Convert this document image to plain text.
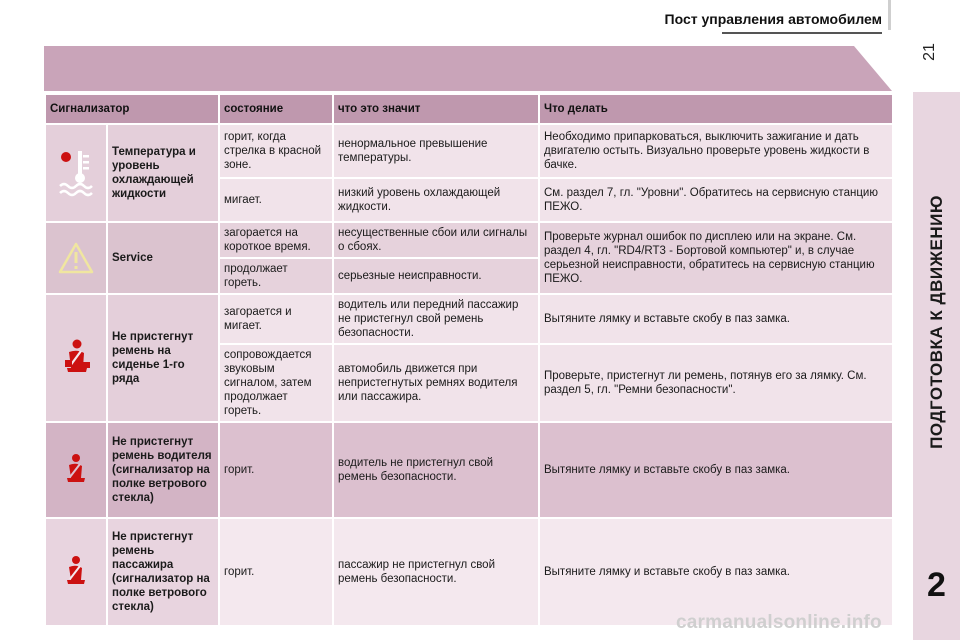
Пост управления автомобилем
21
ПОДГОТОВКА К ДВИЖЕНИЮ
2
Сигнализатор		состояние	что это значит	Что делать

	Температура и уровень охлаждающей жидкости	горит, когда стрелка в красной зоне.	ненормальное превышение температуры.	Необходимо припарковаться, выключить зажигание и дать двигателю остыть. Визуально проверьте уровень жидкости в бачке.
		мигает.	низкий уровень охлаждающей жидкости.	См. раздел 7, гл. "Уровни". Обратитесь на сервисную станцию ПЕЖО.

	Service	загорается на короткое время.	несущественные сбои или сигналы о сбоях.	Проверьте журнал ошибок по дисплею или на экране. См. раздел 4, гл. "RD4/RT3 - Бортовой компьютер" и, в случае серьезной неисправности, обратитесь на сервисную станцию ПЕЖО.
		продолжает гореть.	серьезные неисправности.	

	Не пристегнут ремень на сиденье 1-го ряда	загорается и мигает.	водитель или передний пассажир не пристегнул свой ремень безопасности.	Вытяните лямку и вставьте скобу в паз замка.
		сопровождается звуковым сигналом, затем продолжает гореть.	автомобиль движется при непристегнутых ремнях водителя или пассажира.	Проверьте, пристегнут ли ремень, потянув его за лямку. См. раздел 5, гл. "Ремни безопасности".

	Не пристегнут ремень водителя (сигнализатор на полке ветрового стекла)	горит.	водитель не пристегнул свой ремень безопасности.	Вытяните лямку и вставьте скобу в паз замка.

	Не пристегнут ремень пассажира (сигнализатор на полке ветрового стекла)	горит.	пассажир не пристегнул свой ремень безопасности.	Вытяните лямку и вставьте скобу в паз замка.
carmanualsonline.info
